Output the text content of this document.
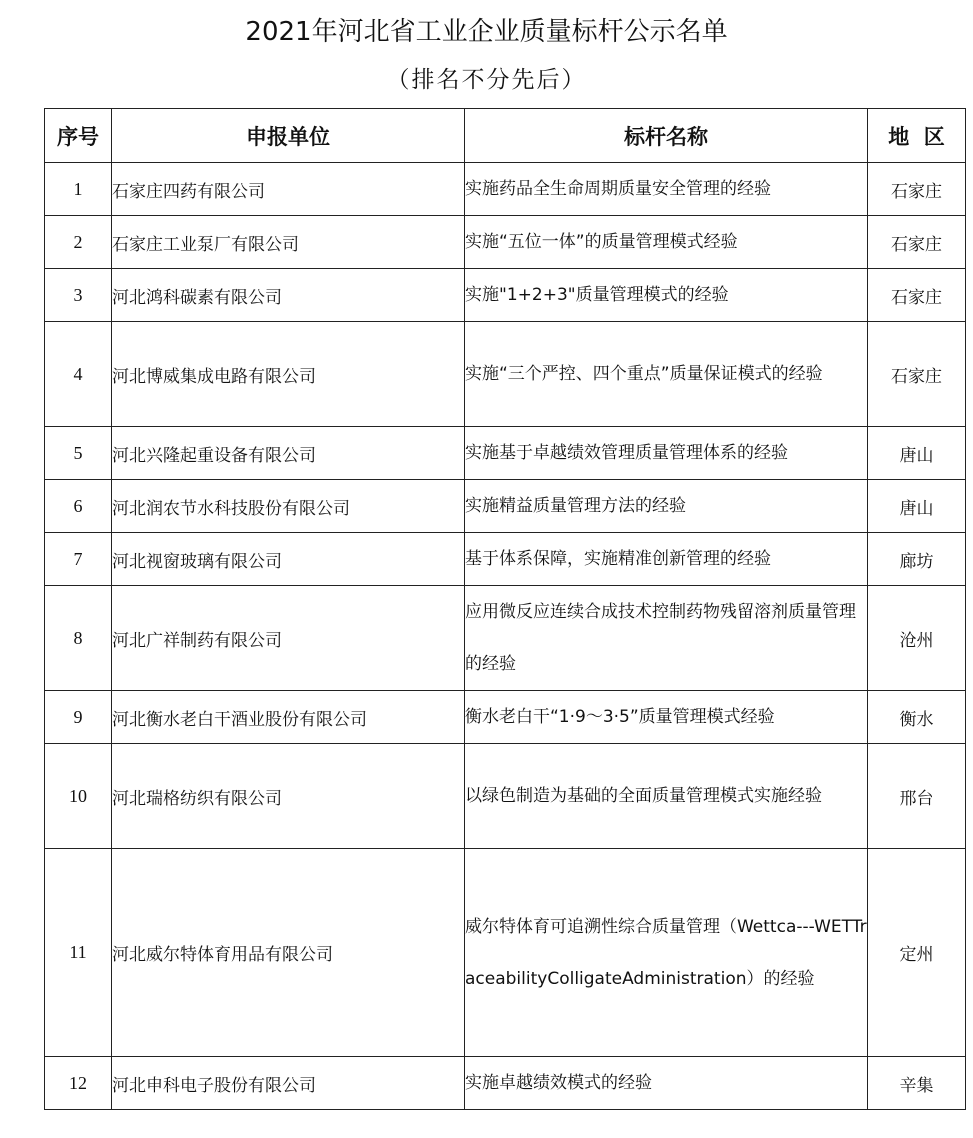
2021年河北省工业企业质量标杆公示名单
（排名不分先后）
序号	申报单位	标杆名称	地  区
1	石家庄四药有限公司	实施药品全生命周期质量安全管理的经验	石家庄
2	石家庄工业泵厂有限公司	实施“五位一体”的质量管理模式经验	石家庄
3	河北鸿科碳素有限公司	实施"1+2+3"质量管理模式的经验	石家庄
4	河北博威集成电路有限公司	实施“三个严控、四个重点”质量保证模式的经验	石家庄
5	河北兴隆起重设备有限公司	实施基于卓越绩效管理质量管理体系的经验	唐山
6	河北润农节水科技股份有限公司	实施精益质量管理方法的经验	唐山
7	河北视窗玻璃有限公司	基于体系保障，实施精准创新管理的经验	廊坊
8	河北广祥制药有限公司	应用微反应连续合成技术控制药物残留溶剂质量管理的经验	沧州
9	河北衡水老白干酒业股份有限公司	衡水老白干“1·9～3·5”质量管理模式经验	衡水
10	河北瑞格纺织有限公司	以绿色制造为基础的全面质量管理模式实施经验	邢台
11	河北威尔特体育用品有限公司	威尔特体育可追溯性综合质量管理（Wettca---WETTraceabilityColligateAdministration）的经验	定州
12	河北申科电子股份有限公司	实施卓越绩效模式的经验	辛集
